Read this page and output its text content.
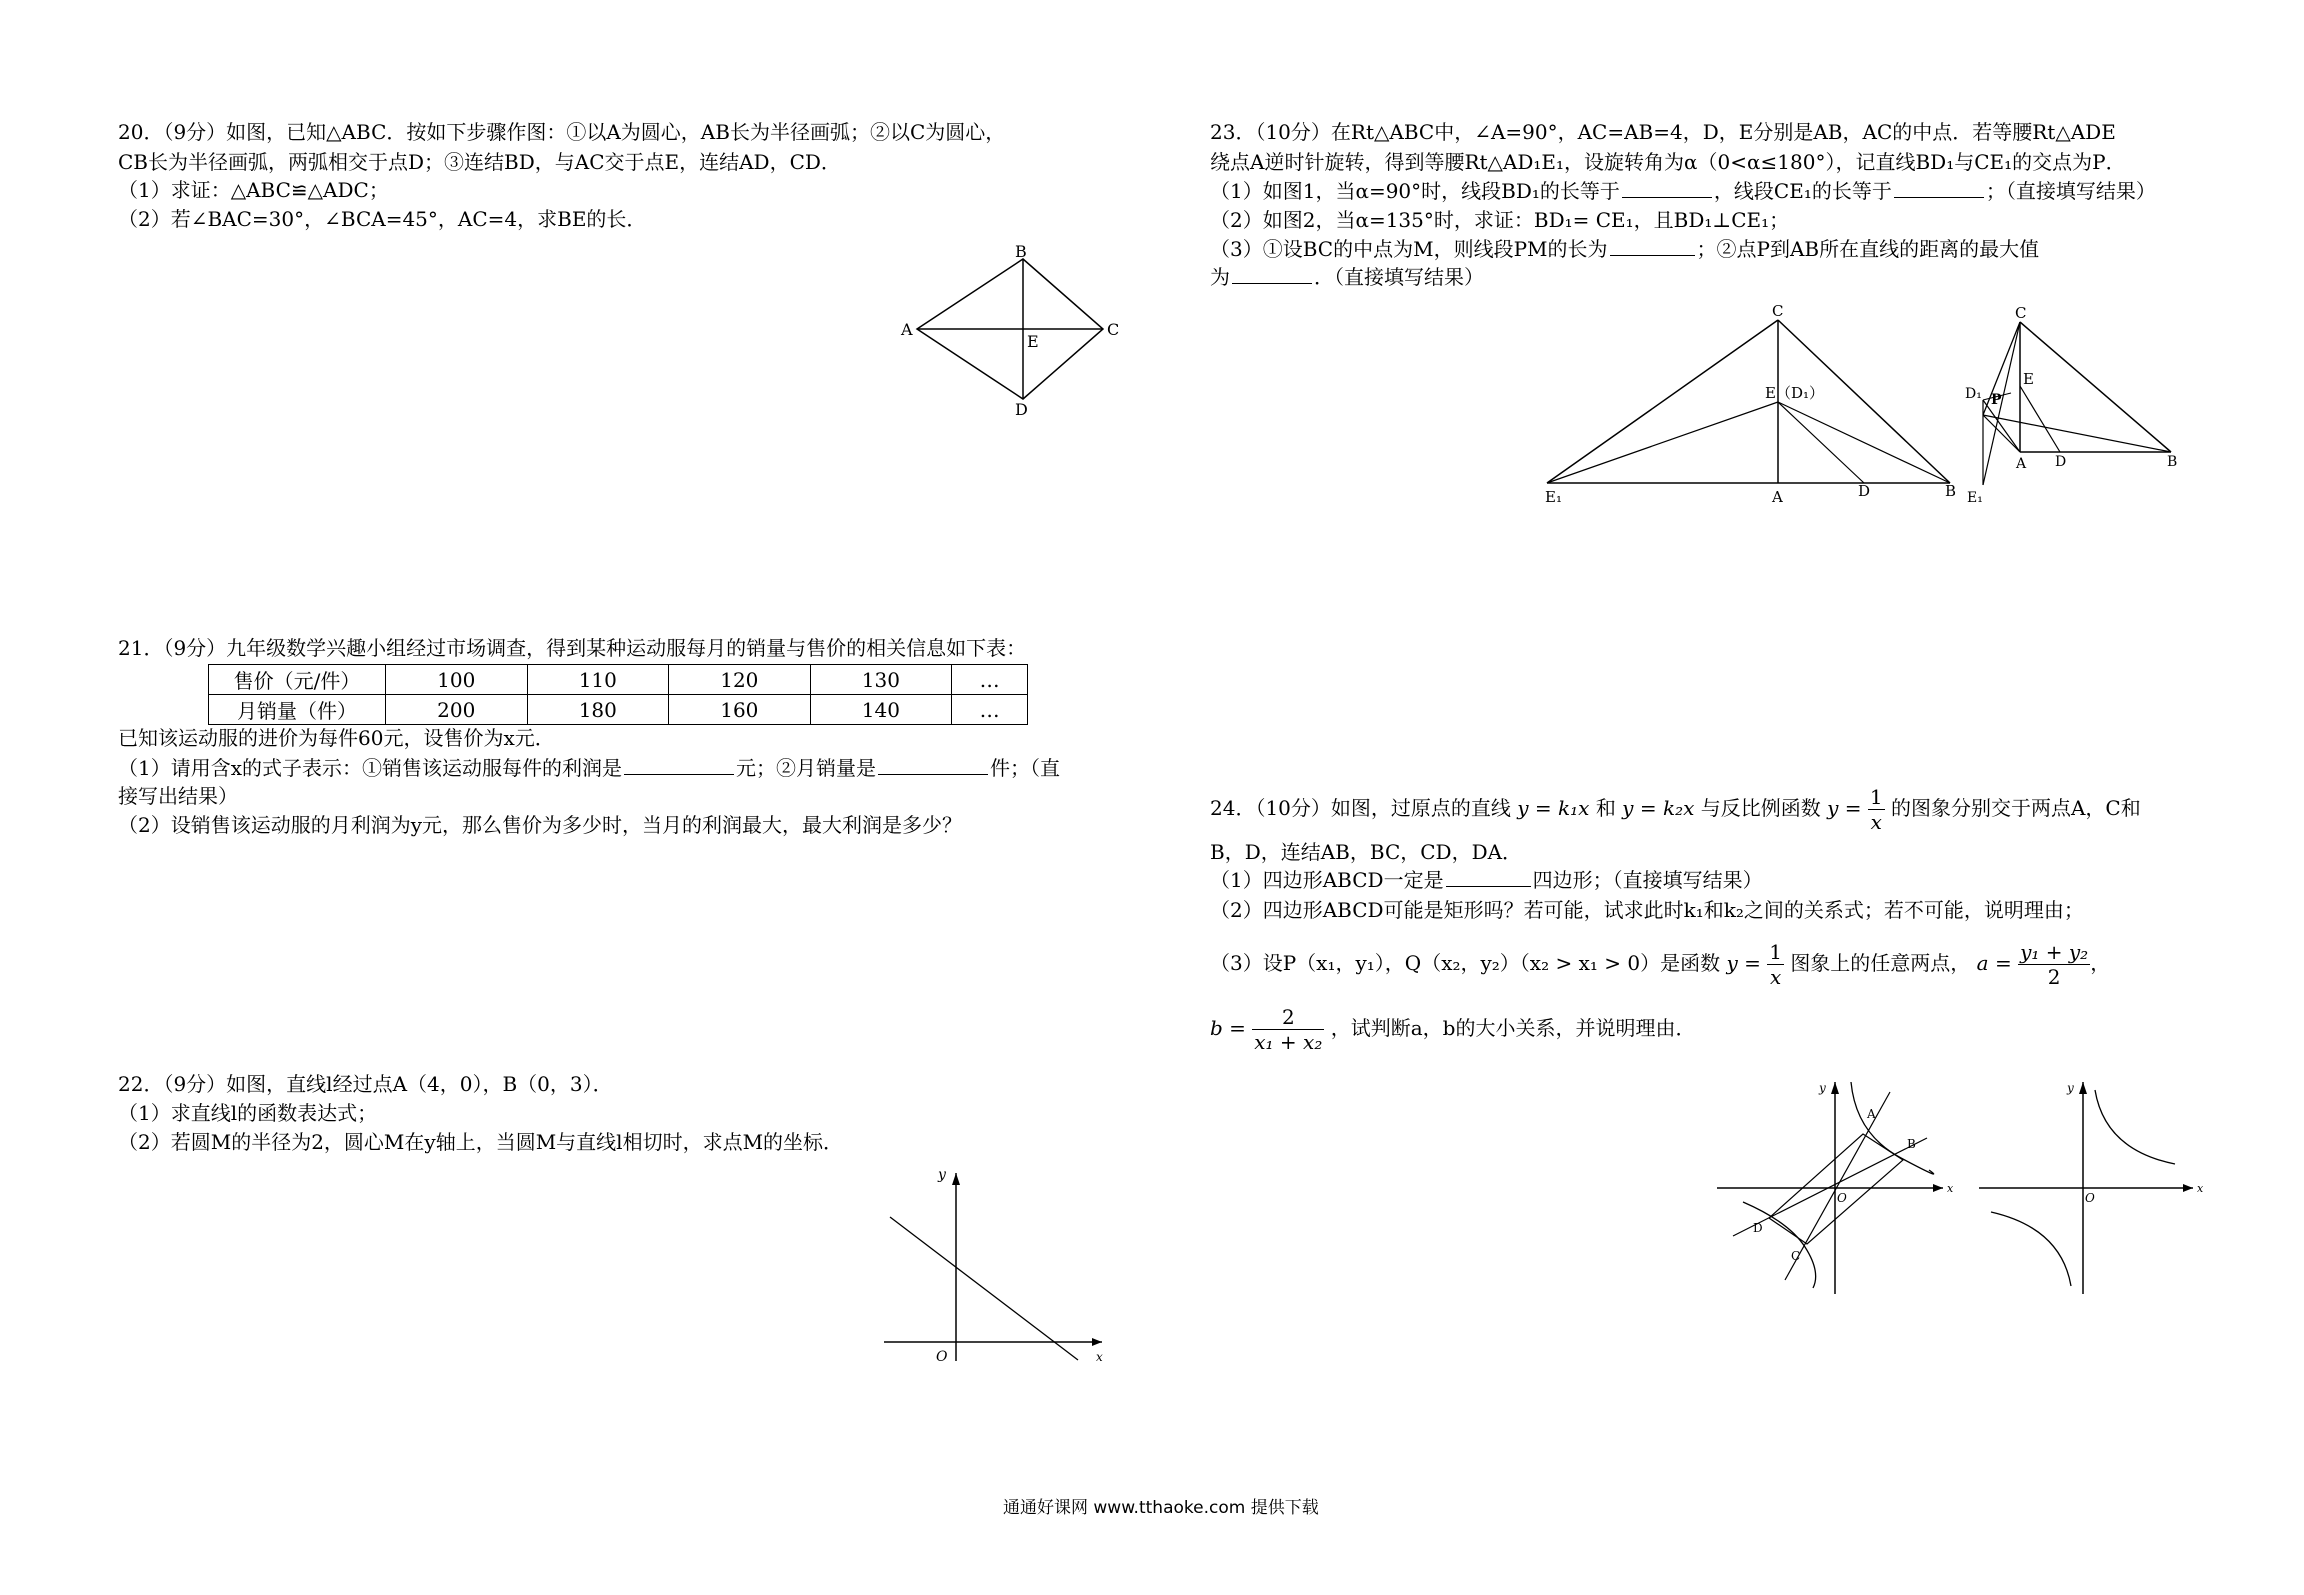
20．（9分）如图，已知△ABC．按如下步骤作图：①以A为圆心，AB长为半径画弧；②以C为圆心，
CB长为半径画弧，两弧相交于点D；③连结BD，与AC交于点E，连结AD，CD．
（1）求证：△ABC≌△ADC；
（2）若∠BAC=30°，∠BCA=45°，AC=4，求BE的长．
B
A	C
E
D
21．（9分）九年级数学兴趣小组经过市场调查，得到某种运动服每月的销量与售价的相关信息如下表：
售价（元/件）	100	110	120	130	…
月销量（件）	200	180	160	140	…
已知该运动服的进价为每件60元，设售价为x元．
（1）请用含x的式子表示：①销售该运动服每件的利润是	元；②月销量是	件；（直
接写出结果）
（2）设销售该运动服的月利润为y元，那么售价为多少时，当月的利润最大，最大利润是多少？
22．（9分）如图，直线l经过点A（4，0），B（0，3）．
（1）求直线l的函数表达式；
（2）若圆M的半径为2，圆心M在y轴上，当圆M与直线l相切时，求点M的坐标．
y
x
O
23．（10分）在Rt△ABC中，∠A=90°，AC=AB=4，D，E分别是AB，AC的中点．若等腰Rt△ADE
绕点A逆时针旋转，得到等腰Rt△AD₁E₁，设旋转角为α（0<α≤180°），记直线BD₁与CE₁的交点为P．
（1）如图1，当α=90°时，线段BD₁的长等于	，线段CE₁的长等于	；（直接填写结果）
（2）如图2，当α=135°时，求证：BD₁= CE₁，且BD₁⊥CE₁；
（3）①设BC的中点为M，则线段PM的长为	；②点P到AB所在直线的距离的最大值
为	．（直接填写结果）
C
E（D₁）
E₁	A	D	B
C
E
D₁ P
A D	B
E₁
24．（10分）如图，过原点的直线 y = k₁x 和 y = k₂x 与反比例函数 $y = \frac{1}{x}$ 的图象分别交于两点A，C和
B，D，连结AB，BC，CD，DA．
（1）四边形ABCD一定是	四边形；（直接填写结果）
（2）四边形ABCD可能是矩形吗？若可能，试求此时k₁和k₂之间的关系式；若不可能，说明理由；
（3）设P（x₁，y₁），Q（x₂，y₂）（x₂ > x₁ > 0）是函数 $y = \frac{1}{x}$ 图象上的任意两点， $a = \frac{\text{y₁ + y₂}}{2}$ ，
$b = \frac{2}{\text{x₁ + x₂}}$ ，试判断a，b的大小关系，并说明理由．
y
x
O
A
B
C
D
y
x
O
通通好课网 www.tthaoke.com 提供下载
